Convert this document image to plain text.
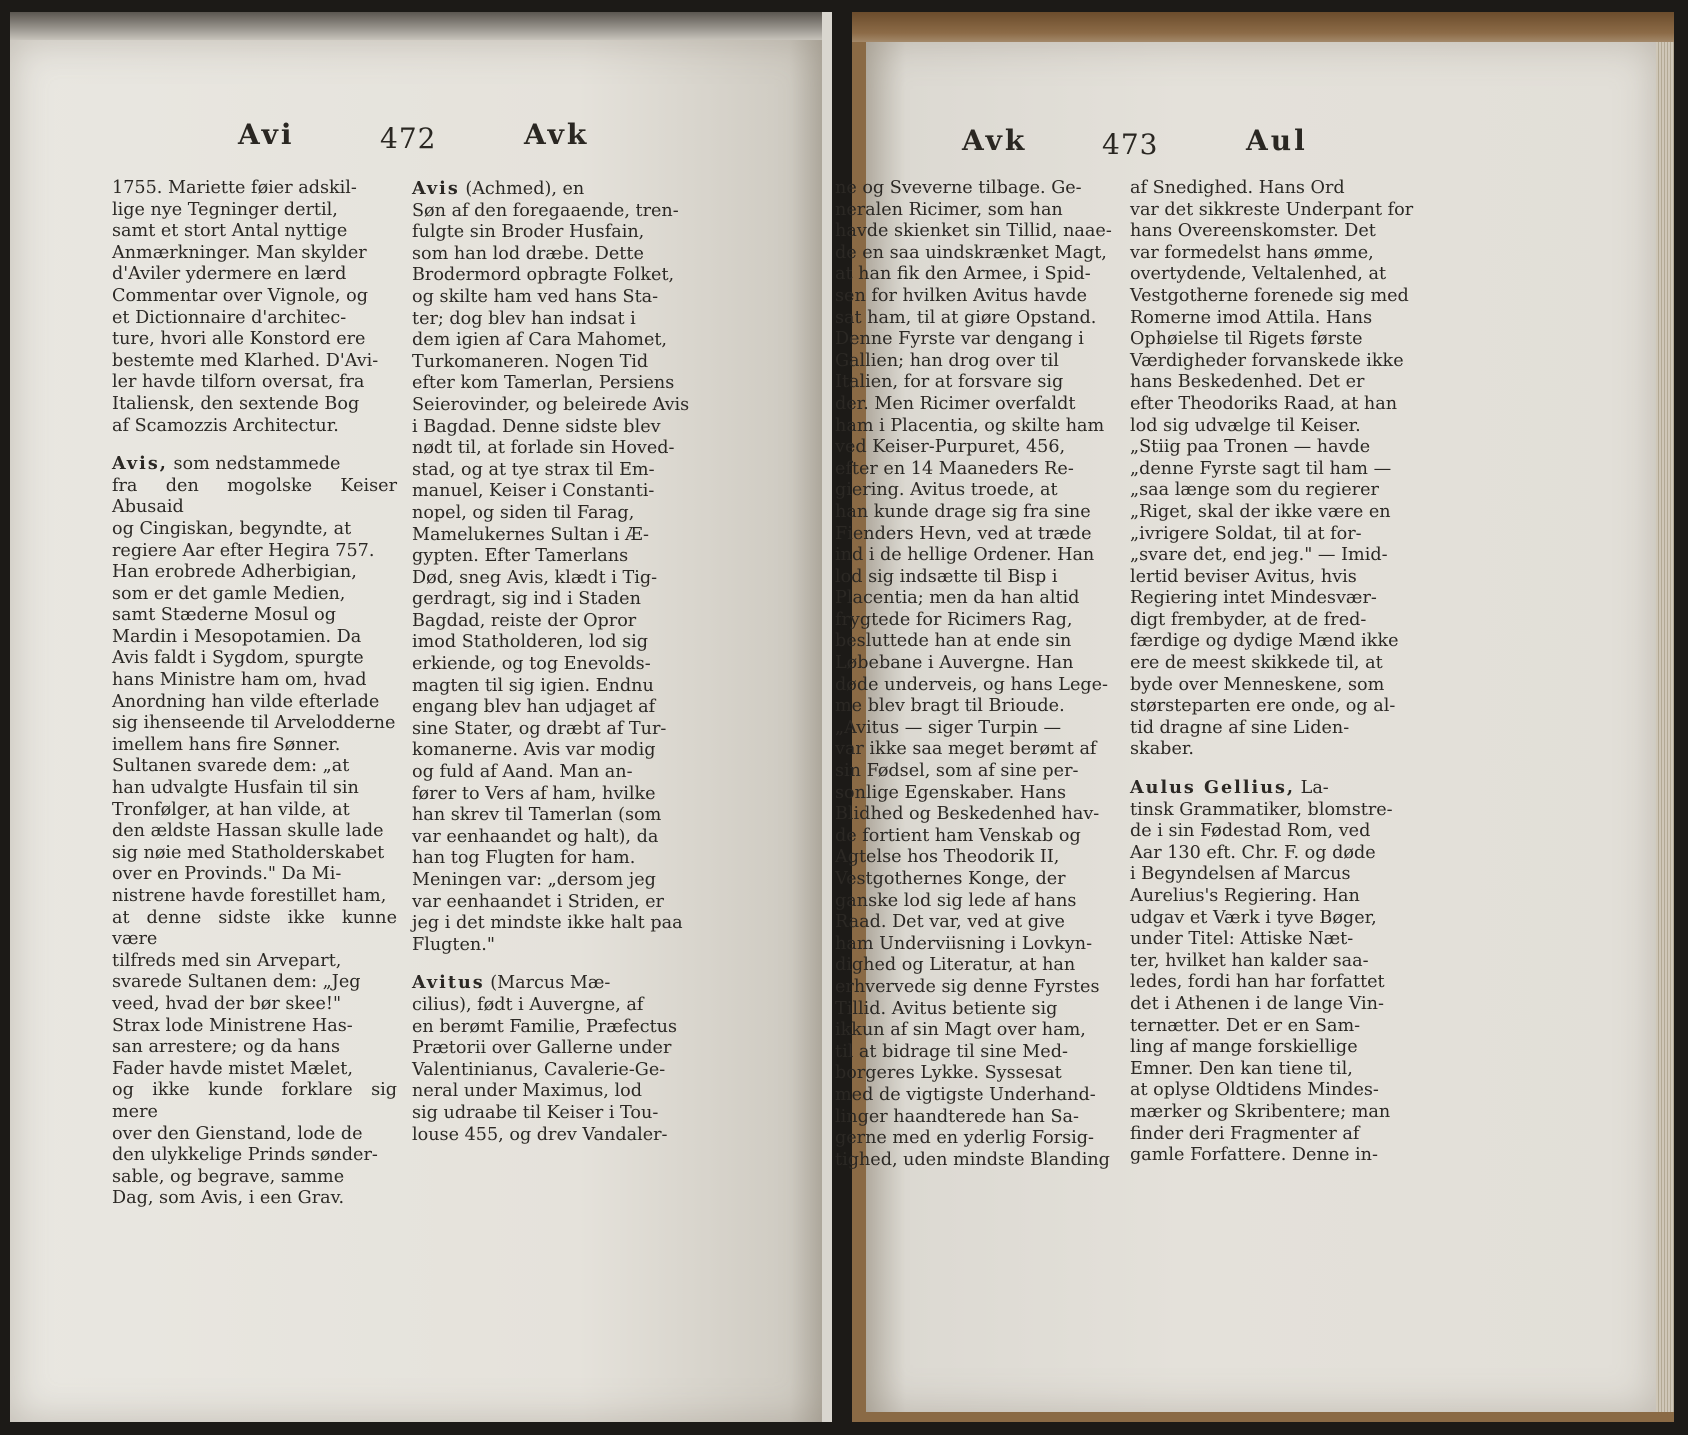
Avi	472	Avk	Avk	473	Aul

1755. Mariette føier adskil-
lige nye Tegninger dertil,
samt et stort Antal nyttige
Anmærkninger. Man skylder
d'Aviler ydermere en lærd
Commentar over Vignole, og
et Dictionnaire d'architec-
ture, hvori alle Konstord ere
bestemte med Klarhed. D'Avi-
ler havde tilforn oversat, fra
Italiensk, den sextende Bog
af Scamozzis Architectur.

Avis, som nedstammede
fra den mogolske Keiser Abusaid
og Cingiskan, begyndte, at
regiere Aar efter Hegira 757.
Han erobrede Adherbigian,
som er det gamle Medien,
samt Stæderne Mosul og
Mardin i Mesopotamien. Da
Avis faldt i Sygdom, spurgte
hans Ministre ham om, hvad
Anordning han vilde efterlade
sig ihenseende til Arvelodderne
imellem hans fire Sønner.
Sultanen svarede dem: „at
han udvalgte Husfain til sin
Tronfølger, at han vilde, at
den ældste Hassan skulle lade
sig nøie med Statholderskabet
over en Provinds." Da Mi-
nistrene havde forestillet ham,
at denne sidste ikke kunne være
tilfreds med sin Arvepart,
svarede Sultanen dem: „Jeg
veed, hvad der bør skee!"
Strax lode Ministrene Has-
san arrestere; og da hans
Fader havde mistet Mælet,
og ikke kunde forklare sig mere
over den Gienstand, lode de
den ulykkelige Prinds sønder-
sable, og begrave, samme
Dag, som Avis, i een Grav.

Avis (Achmed), en
Søn af den foregaaende, tren-
fulgte sin Broder Husfain,
som han lod dræbe. Dette
Brodermord opbragte Folket,
og skilte ham ved hans Sta-
ter; dog blev han indsat i
dem igien af Cara Mahomet,
Turkomaneren. Nogen Tid
efter kom Tamerlan, Persiens
Seierovinder, og beleirede Avis
i Bagdad. Denne sidste blev
nødt til, at forlade sin Hoved-
stad, og at tye strax til Em-
manuel, Keiser i Constanti-
nopel, og siden til Farag,
Mamelukernes Sultan i Æ-
gypten. Efter Tamerlans
Død, sneg Avis, klædt i Tig-
gerdragt, sig ind i Staden
Bagdad, reiste der Opror
imod Statholderen, lod sig
erkiende, og tog Enevolds-
magten til sig igien. Endnu
engang blev han udjaget af
sine Stater, og dræbt af Tur-
komanerne. Avis var modig
og fuld af Aand. Man an-
fører to Vers af ham, hvilke
han skrev til Tamerlan (som
var eenhaandet og halt), da
han tog Flugten for ham.
Meningen var: „dersom jeg
var eenhaandet i Striden, er
jeg i det mindste ikke halt paa
Flugten."

Avitus (Marcus Mæ-
cilius), født i Auvergne, af
en berømt Familie, Præfectus
Prætorii over Gallerne under
Valentinianus, Cavalerie-Ge-
neral under Maximus, lod
sig udraabe til Keiser i Tou-
louse 455, og drev Vandaler-

ne og Sveverne tilbage. Ge-
neralen Ricimer, som han
havde skienket sin Tillid, naae-
de en saa uindskrænket Magt,
at han fik den Armee, i Spid-
sen for hvilken Avitus havde
sat ham, til at giøre Opstand.
Denne Fyrste var dengang i
Gallien; han drog over til
Italien, for at forsvare sig
der. Men Ricimer overfaldt
ham i Placentia, og skilte ham
ved Keiser-Purpuret, 456,
efter en 14 Maaneders Re-
giering. Avitus troede, at
han kunde drage sig fra sine
Fienders Hevn, ved at træde
ind i de hellige Ordener. Han
lod sig indsætte til Bisp i
Placentia; men da han altid
frygtede for Ricimers Rag,
besluttede han at ende sin
Løbebane i Auvergne. Han
døde underveis, og hans Lege-
me blev bragt til Brioude.
„Avitus — siger Turpin —
var ikke saa meget berømt af
sin Fødsel, som af sine per-
sonlige Egenskaber. Hans
Blidhed og Beskedenhed hav-
de fortient ham Venskab og
Agtelse hos Theodorik II,
Vestgothernes Konge, der
ganske lod sig lede af hans
Raad. Det var, ved at give
ham Underviisning i Lovkyn-
dighed og Literatur, at han
erhvervede sig denne Fyrstes
Tillid. Avitus betiente sig
ikkun af sin Magt over ham,
til at bidrage til sine Med-
borgeres Lykke. Syssesat
med de vigtigste Underhand-
linger haandterede han Sa-
gerne med en yderlig Forsig-
tighed, uden mindste Blanding

af Snedighed. Hans Ord
var det sikkreste Underpant for
hans Overeenskomster. Det
var formedelst hans ømme,
overtydende, Veltalenhed, at
Vestgotherne forenede sig med
Romerne imod Attila. Hans
Ophøielse til Rigets første
Værdigheder forvanskede ikke
hans Beskedenhed. Det er
efter Theodoriks Raad, at han
lod sig udvælge til Keiser.
„Stiig paa Tronen — havde
„denne Fyrste sagt til ham —
„saa længe som du regierer
„Riget, skal der ikke være en
„ivrigere Soldat, til at for-
„svare det, end jeg." — Imid-
lertid beviser Avitus, hvis
Regiering intet Mindesvær-
digt frembyder, at de fred-
færdige og dydige Mænd ikke
ere de meest skikkede til, at
byde over Menneskene, som
størsteparten ere onde, og al-
tid dragne af sine Liden-
skaber.

Aulus Gellius, La-
tinsk Grammatiker, blomstre-
de i sin Fødestad Rom, ved
Aar 130 eft. Chr. F. og døde
i Begyndelsen af Marcus
Aurelius's Regiering. Han
udgav et Værk i tyve Bøger,
under Titel: Attiske Næt-
ter, hvilket han kalder saa-
ledes, fordi han har forfattet
det i Athenen i de lange Vin-
ternætter. Det er en Sam-
ling af mange forskiellige
Emner. Den kan tiene til,
at oplyse Oldtidens Mindes-
mærker og Skribentere; man
finder deri Fragmenter af
gamle Forfattere. Denne in-
